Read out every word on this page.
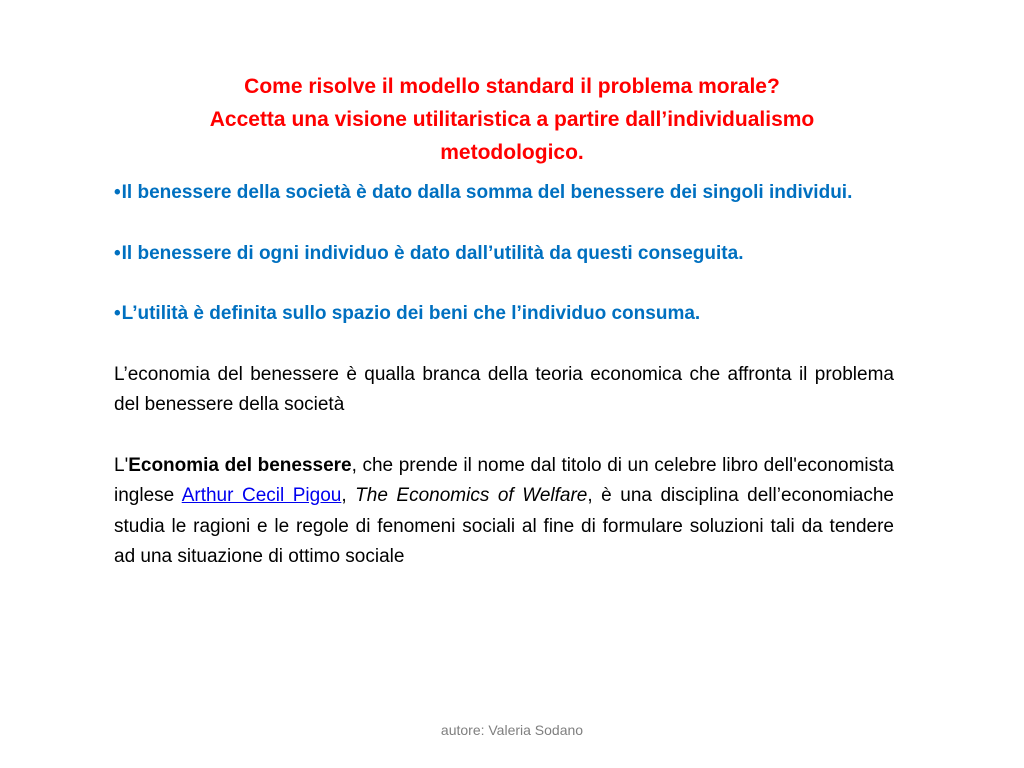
Come risolve il modello standard il problema morale?
Accetta una visione utilitaristica a partire dall’individualismo
metodologico.

•Il benessere della società è dato dalla somma del benessere dei singoli individui.

•Il benessere di ogni individuo è dato dall’utilità da questi conseguita.

•L’utilità è definita sullo spazio dei beni che l’individuo consuma.

L’economia del benessere è qualla branca della teoria economica che affronta il problema del benessere della società

L'Economia del benessere, che prende il nome dal titolo di un celebre libro dell'economista inglese Arthur Cecil Pigou, The Economics of Welfare, è una disciplina dell’economiache studia le ragioni e le regole di fenomeni sociali al fine di formulare soluzioni tali da tendere ad una situazione di ottimo sociale

autore: Valeria Sodano
